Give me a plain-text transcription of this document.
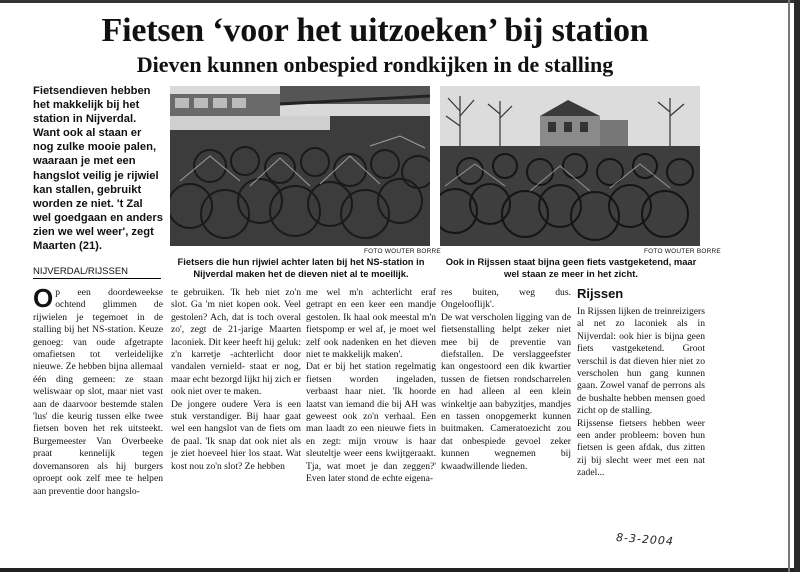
Fietsen ‘voor het uitzoeken’ bij station
Dieven kunnen onbespied rondkijken in de stalling

Fietsendieven hebben het makkelijk bij het station in Nijverdal. Want ook al staan er nog zulke mooie palen, waaraan je met een hangslot veilig je rijwiel kan stallen, gebruikt worden ze niet. 't Zal wel goedgaan en anders zien we wel weer', zegt Maarten (21).

NIJVERDAL/RIJSSEN
FOTO WOUTER BORRE
Fietsers die hun rijwiel achter laten bij het NS-station in Nijverdal maken het de dieven niet al te moeilijk.
FOTO WOUTER BORRE
Ook in Rijssen staat bijna geen fiets vastgeketend, maar wel staan ze meer in het zicht.
O p een doordeweekse ochtend glimmen de rijwielen je tegemoet in de stalling bij het NS-station. Keuze genoeg: van oude afgetrapte omafietsen tot verleidelijke nieuwe. Ze hebben bijna allemaal één ding gemeen: ze staan weliswaar op slot, maar niet vast aan de daarvoor bestemde stalen 'lus' die keurig tussen elke twee fietsen boven het rek uitsteekt. Burgemeester Van Overbeeke praat kennelijk tegen dovemansoren als hij burgers oproept ook zelf mee te helpen aan preventie door hangslo-

te gebruiken. 'Ik heb niet zo'n slot. Ga 'm niet kopen ook. Veel gestolen? Ach, dat is toch overal zo', zegt de 21-jarige Maarten laconiek. Dit keer heeft hij geluk: z'n karretje -achterlicht door vandalen vernield- staat er nog, maar echt bezorgd lijkt hij zich er ook niet over te maken.

De jongere oudere Vera is een stuk verstandiger. Bij haar gaat wel een hangslot van de fiets om de paal. 'Ik snap dat ook niet als je ziet hoeveel hier los staat. Wat kost nou zo'n slot? Ze hebben

me wel m'n achterlicht eraf getrapt en een keer een mandje gestolen. Ik haal ook meestal m'n fietspomp er wel af, je moet wel zelf ook nadenken en het dieven niet te makkelijk maken'.

Dat er bij het station regelmatig fietsen worden ingeladen, verbaast haar niet. 'Ik hoorde laatst van iemand die bij AH was geweest ook zo'n verhaal. Een man laadt zo een nieuwe fiets in en zegt: mijn vrouw is haar sleuteltje weer eens kwijtgeraakt. Tja, wat moet je dan zeggen?' Even later stond de echte eigena-

res buiten, weg dus. Ongelooflijk'.

De wat verscholen ligging van de fietsenstalling helpt zeker niet mee bij de preventie van diefstallen. De verslaggeefster kan ongestoord een dik kwartier tussen de fietsen rondscharrelen en had alleen al een klein winkeltje aan babyzitjes, mandjes en tassen onopgemerkt kunnen buitmaken. Cameratoezicht zou dat onbespiede gevoel zeker kunnen wegnemen bij kwaadwillende lieden.

Rijssen

In Rijssen lijken de treinreizigers al net zo laconiek als in Nijverdal: ook hier is bijna geen fiets vastgeketend. Groot verschil is dat dieven hier niet zo verscholen hun gang kunnen gaan. Zowel vanaf de perrons als de bushalte hebben mensen goed zicht op de stalling.

Rijssense fietsers hebben weer een ander probleem: boven hun fietsen is geen afdak, dus zitten zij bij slecht weer met een nat zadel...

8-3-2004
